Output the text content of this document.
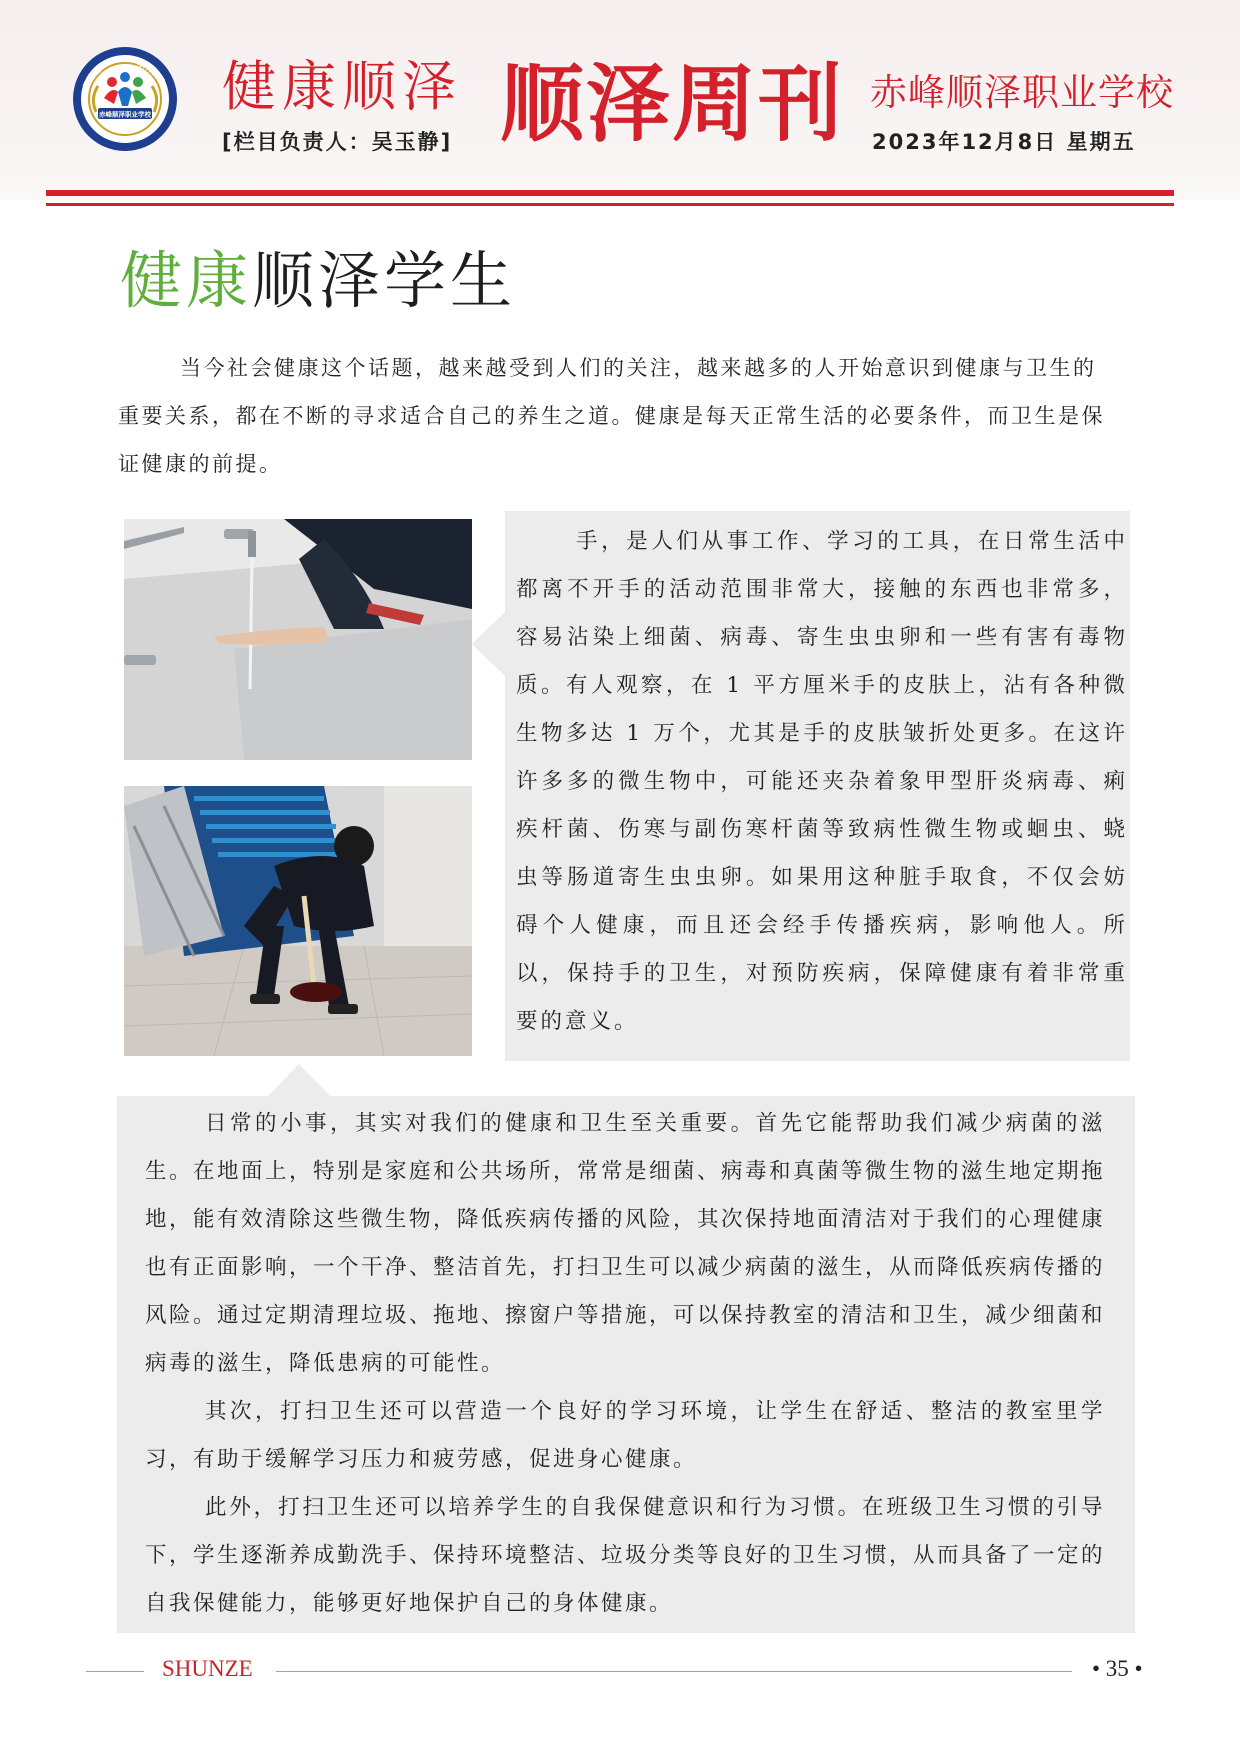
品德立
顺利就业
赤峰顺泽职业学校 健康顺泽
[栏目负责人：吴玉静] 顺泽周刊 赤峰顺泽职业学校
2023年12月8日 星期五
健康顺泽学生

当今社会健康这个话题，越来越受到人们的关注，越来越多的人开始意识到健康与卫生的重要关系，都在不断的寻求适合自己的养生之道。健康是每天正常生活的必要条件，而卫生是保证健康的前提。

手，是人们从事工作、学习的工具，在日常生活中都离不开手的活动范围非常大，接触的东西也非常多，容易沾染上细菌、病毒、寄生虫虫卵和一些有害有毒物质。有人观察，在 1 平方厘米手的皮肤上，沾有各种微生物多达 1 万个，尤其是手的皮肤皱折处更多。在这许许多多的微生物中，可能还夹杂着象甲型肝炎病毒、痢疾杆菌、伤寒与副伤寒杆菌等致病性微生物或蛔虫、蛲虫等肠道寄生虫虫卵。如果用这种脏手取食，不仅会妨碍个人健康，而且还会经手传播疾病，影响他人。所以，保持手的卫生，对预防疾病，保障健康有着非常重要的意义。

日常的小事，其实对我们的健康和卫生至关重要。首先它能帮助我们减少病菌的滋生。在地面上，特别是家庭和公共场所，常常是细菌、病毒和真菌等微生物的滋生地定期拖地，能有效清除这些微生物，降低疾病传播的风险，其次保持地面清洁对于我们的心理健康也有正面影响，一个干净、整洁首先，打扫卫生可以减少病菌的滋生，从而降低疾病传播的风险。通过定期清理垃圾、拖地、擦窗户等措施，可以保持教室的清洁和卫生，减少细菌和病毒的滋生，降低患病的可能性。

其次，打扫卫生还可以营造一个良好的学习环境，让学生在舒适、整洁的教室里学习，有助于缓解学习压力和疲劳感，促进身心健康。

此外，打扫卫生还可以培养学生的自我保健意识和行为习惯。在班级卫生习惯的引导下，学生逐渐养成勤洗手、保持环境整洁、垃圾分类等良好的卫生习惯，从而具备了一定的自我保健能力，能够更好地保护自己的身体健康。

SHUNZE	• 35 •
